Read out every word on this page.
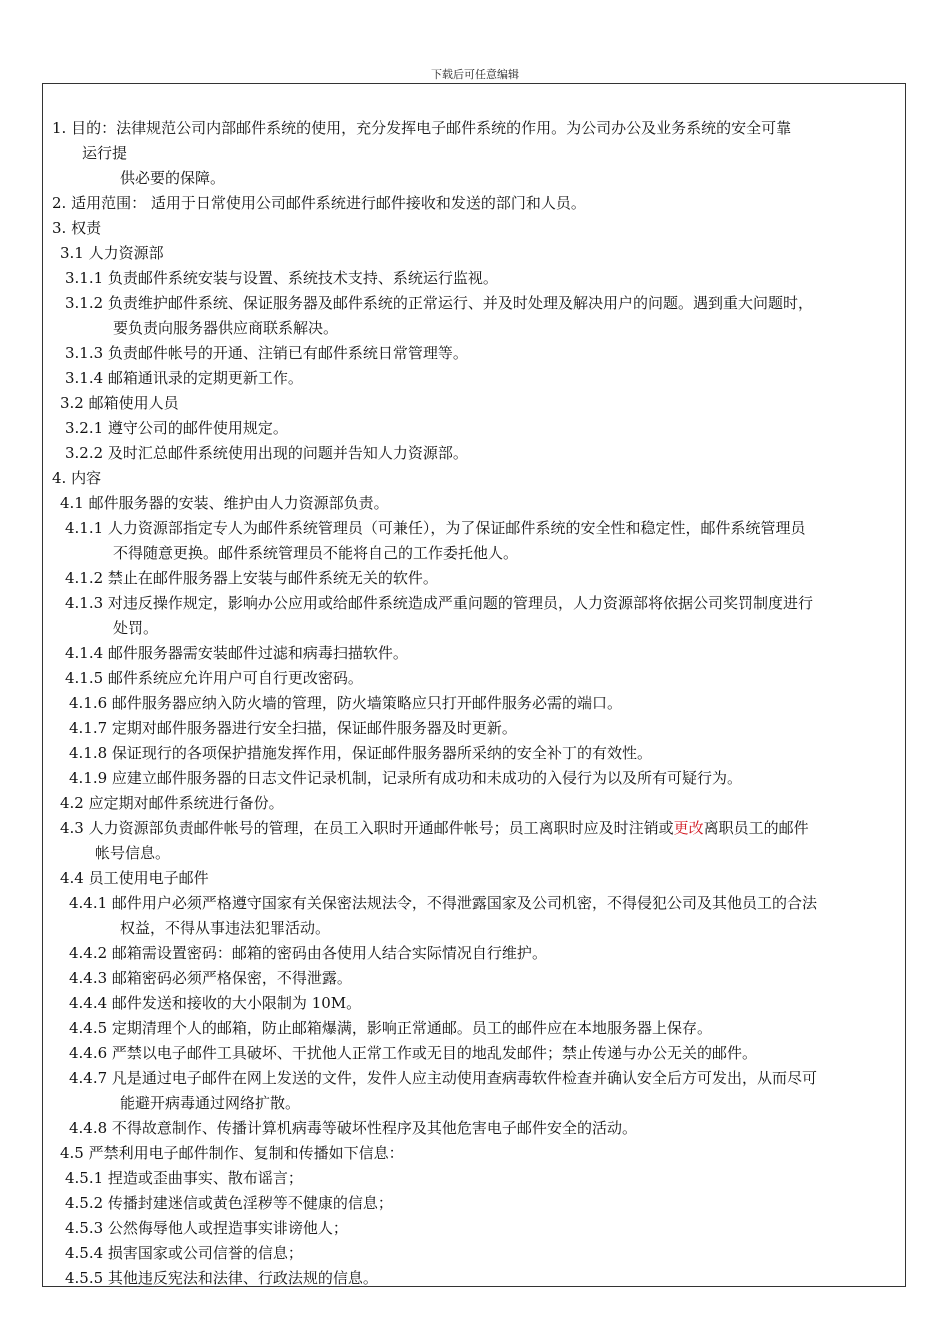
下载后可任意编辑
1. 目的：法律规范公司内部邮件系统的使用，充分发挥电子邮件系统的作用。为公司办公及业务系统的安全可靠
运行提
供必要的保障。
2. 适用范围： 适用于日常使用公司邮件系统进行邮件接收和发送的部门和人员。
3. 权责
3.1 人力资源部
3.1.1 负责邮件系统安装与设置、系统技术支持、系统运行监视。
3.1.2 负责维护邮件系统、保证服务器及邮件系统的正常运行、并及时处理及解决用户的问题。遇到重大问题时，
要负责向服务器供应商联系解决。
3.1.3 负责邮件帐号的开通、注销已有邮件系统日常管理等。
3.1.4 邮箱通讯录的定期更新工作。
3.2 邮箱使用人员
3.2.1 遵守公司的邮件使用规定。
3.2.2 及时汇总邮件系统使用出现的问题并告知人力资源部。
4. 内容
4.1 邮件服务器的安装、维护由人力资源部负责。
4.1.1 人力资源部指定专人为邮件系统管理员（可兼任），为了保证邮件系统的安全性和稳定性，邮件系统管理员
不得随意更换。邮件系统管理员不能将自己的工作委托他人。
4.1.2 禁止在邮件服务器上安装与邮件系统无关的软件。
4.1.3 对违反操作规定，影响办公应用或给邮件系统造成严重问题的管理员，人力资源部将依据公司奖罚制度进行
处罚。
4.1.4 邮件服务器需安装邮件过滤和病毒扫描软件。
4.1.5 邮件系统应允许用户可自行更改密码。
4.1.6 邮件服务器应纳入防火墙的管理，防火墙策略应只打开邮件服务必需的端口。
4.1.7 定期对邮件服务器进行安全扫描，保证邮件服务器及时更新。
4.1.8 保证现行的各项保护措施发挥作用，保证邮件服务器所采纳的安全补丁的有效性。
4.1.9 应建立邮件服务器的日志文件记录机制，记录所有成功和未成功的入侵行为以及所有可疑行为。
4.2 应定期对邮件系统进行备份。
4.3 人力资源部负责邮件帐号的管理，在员工入职时开通邮件帐号；员工离职时应及时注销或更改离职员工的邮件
帐号信息。
4.4 员工使用电子邮件
4.4.1 邮件用户必须严格遵守国家有关保密法规法令，不得泄露国家及公司机密，不得侵犯公司及其他员工的合法
权益，不得从事违法犯罪活动。
4.4.2 邮箱需设置密码：邮箱的密码由各使用人结合实际情况自行维护。
4.4.3 邮箱密码必须严格保密，不得泄露。
4.4.4 邮件发送和接收的大小限制为 10M。
4.4.5 定期清理个人的邮箱，防止邮箱爆满，影响正常通邮。员工的邮件应在本地服务器上保存。
4.4.6 严禁以电子邮件工具破坏、干扰他人正常工作或无目的地乱发邮件；禁止传递与办公无关的邮件。
4.4.7 凡是通过电子邮件在网上发送的文件，发件人应主动使用查病毒软件检查并确认安全后方可发出，从而尽可
能避开病毒通过网络扩散。
4.4.8 不得故意制作、传播计算机病毒等破坏性程序及其他危害电子邮件安全的活动。
4.5 严禁利用电子邮件制作、复制和传播如下信息：
4.5.1 捏造或歪曲事实、散布谣言；
4.5.2 传播封建迷信或黄色淫秽等不健康的信息；
4.5.3 公然侮辱他人或捏造事实诽谤他人；
4.5.4 损害国家或公司信誉的信息；
4.5.5 其他违反宪法和法律、行政法规的信息。
